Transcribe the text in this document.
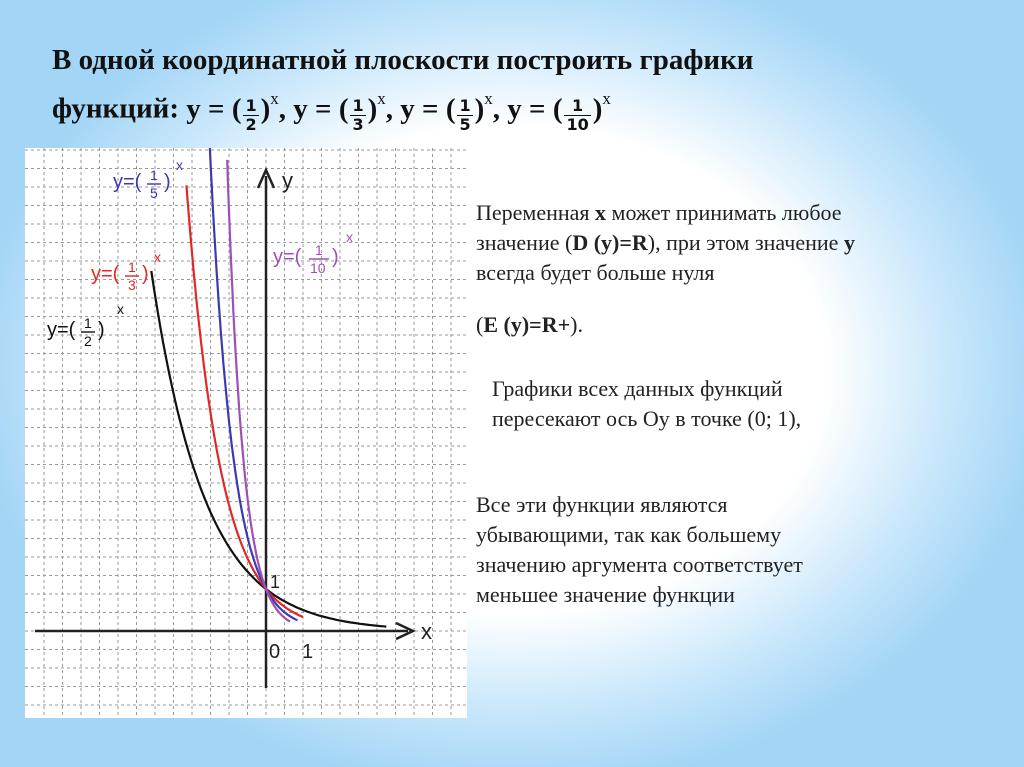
В одной координатной плоскости построить графики
функций: y = ( $\frac{1}{2} )^x$, y = ( $\frac{1}{3} )^x$, y = ( $\frac{1}{5} )^x$, y = ( $\frac{1}{10} )^x$
x
y
0 1
1
y=( 1
5 )
x
y=( 1
3 )
x	y=( 1
10 )
x
y=( 1
2 )
x

Переменная x может принимать любое

значение (D (y)=R), при этом значение y

всегда будет больше нуля

(E (y)=R+).

Графики всех данных функций

пересекают ось Оу в точке (0; 1),

Все эти функции являются

убывающими, так как большему

значению аргумента соответствует

меньшее значение функции
